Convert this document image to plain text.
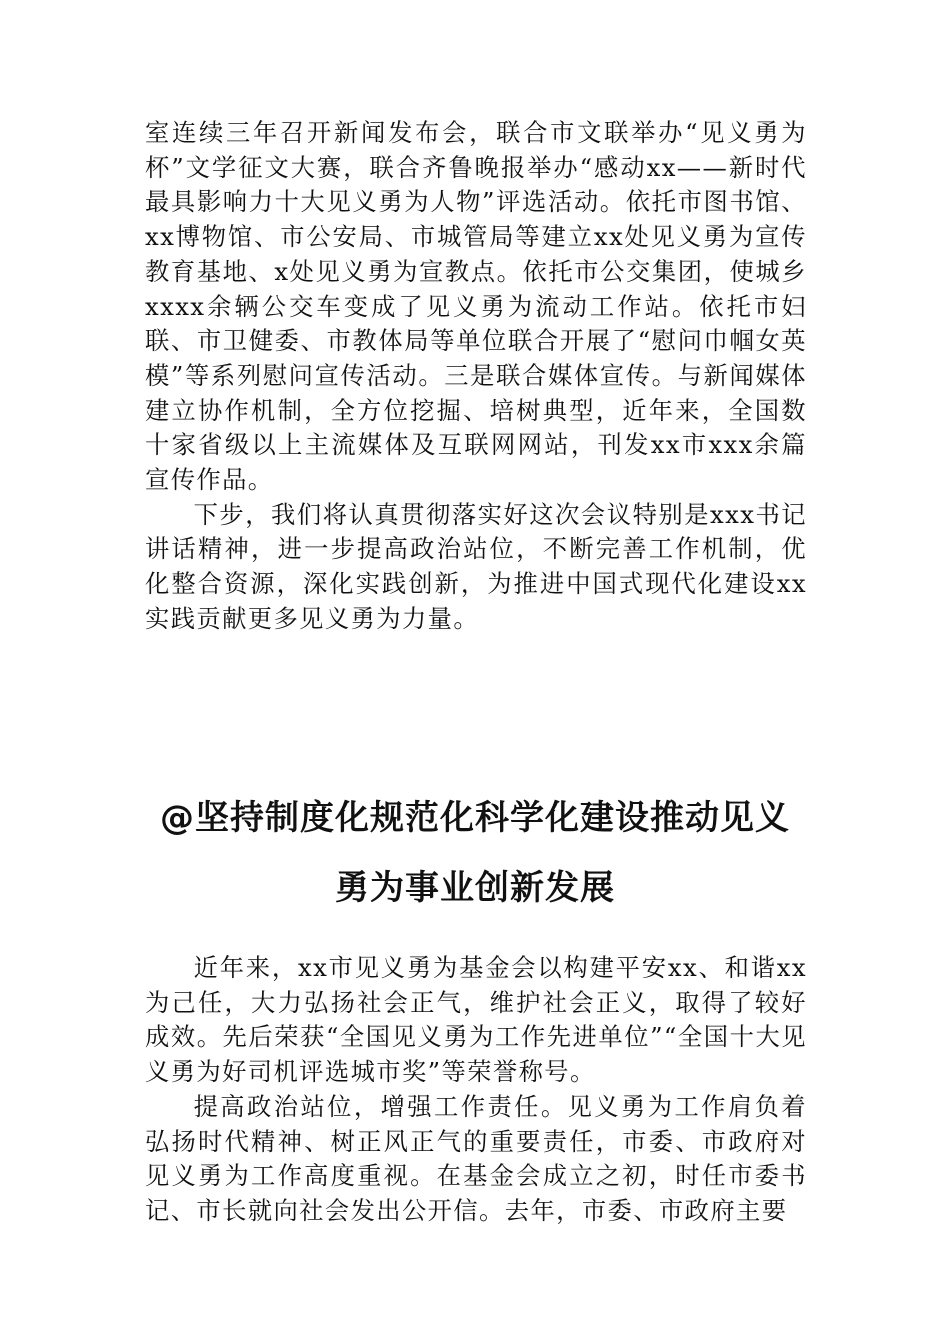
室连续三年召开新闻发布会，联合市文联举办“见义勇为杯”文学征文大赛，联合齐鲁晚报举办“感动xx——新时代最具影响力十大见义勇为人物”评选活动。依托市图书馆、xx博物馆、市公安局、市城管局等建立xx处见义勇为宣传教育基地、x处见义勇为宣教点。依托市公交集团，使城乡xxxx余辆公交车变成了见义勇为流动工作站。依托市妇联、市卫健委、市教体局等单位联合开展了“慰问巾帼女英模”等系列慰问宣传活动。三是联合媒体宣传。与新闻媒体建立协作机制，全方位挖掘、培树典型，近年来，全国数十家省级以上主流媒体及互联网网站，刊发xx市xxx余篇宣传作品。

下步，我们将认真贯彻落实好这次会议特别是xxx书记讲话精神，进一步提高政治站位，不断完善工作机制，优化整合资源，深化实践创新，为推进中国式现代化建设xx实践贡献更多见义勇为力量。

@坚持制度化规范化科学化建设推动见义
勇为事业创新发展

近年来，xx市见义勇为基金会以构建平安xx、和谐xx为己任，大力弘扬社会正气，维护社会正义，取得了较好成效。先后荣获“全国见义勇为工作先进单位”“全国十大见义勇为好司机评选城市奖”等荣誉称号。

提高政治站位，增强工作责任。见义勇为工作肩负着弘扬时代精神、树正风正气的重要责任，市委、市政府对见义勇为工作高度重视。在基金会成立之初，时任市委书记、市长就向社会发出公开信。去年，市委、市政府主要
